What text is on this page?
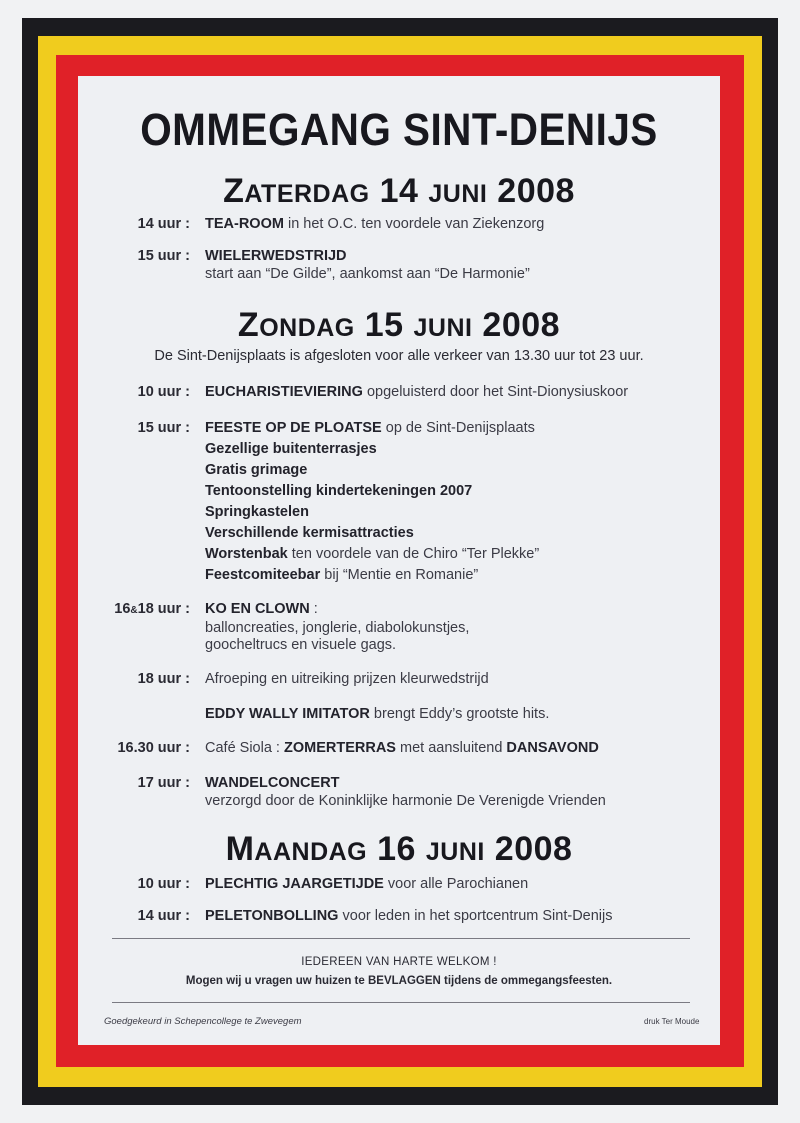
OMMEGANG SINT-DENIJS
ZATERDAG 14 JUNI 2008
14 uur : TEA-ROOM in het O.C. ten voordele van Ziekenzorg
15 uur : WIELERWEDSTRIJD
start aan “De Gilde”, aankomst aan “De Harmonie”
ZONDAG 15 JUNI 2008
De Sint-Denijsplaats is afgesloten voor alle verkeer van 13.30 uur tot 23 uur.
10 uur : EUCHARISTIEVIERING opgeluisterd door het Sint-Dionysiuskoor
15 uur : FEESTE OP DE PLOATSE op de Sint-Denijsplaats
Gezellige buitenterrasjes
Gratis grimage
Tentoonstelling kindertekeningen 2007
Springkastelen
Verschillende kermisattracties
Worstenbak ten voordele van de Chiro “Ter Plekke”
Feestcomiteebar bij “Mentie en Romanie”
16&18 uur : KO EN CLOWN :
balloncreaties, jonglerie, diabolokunstjes,
goocheltrucs en visuele gags.
18 uur : Afroeping en uitreiking prijzen kleurwedstrijd
EDDY WALLY IMITATOR brengt Eddy’s grootste hits.
16.30 uur : Café Siola : ZOMERTERRAS met aansluitend DANSAVOND
17 uur : WANDELCONCERT
verzorgd door de Koninklijke harmonie De Verenigde Vrienden
MAANDAG 16 JUNI 2008
10 uur : PLECHTIG JAARGETIJDE voor alle Parochianen
14 uur : PELETONBOLLING voor leden in het sportcentrum Sint-Denijs
IEDEREEN VAN HARTE WELKOM !
Mogen wij u vragen uw huizen te BEVLAGGEN tijdens de ommegangsfeesten.
Goedgekeurd in Schepencollege te Zwevegem	druk Ter Moude
